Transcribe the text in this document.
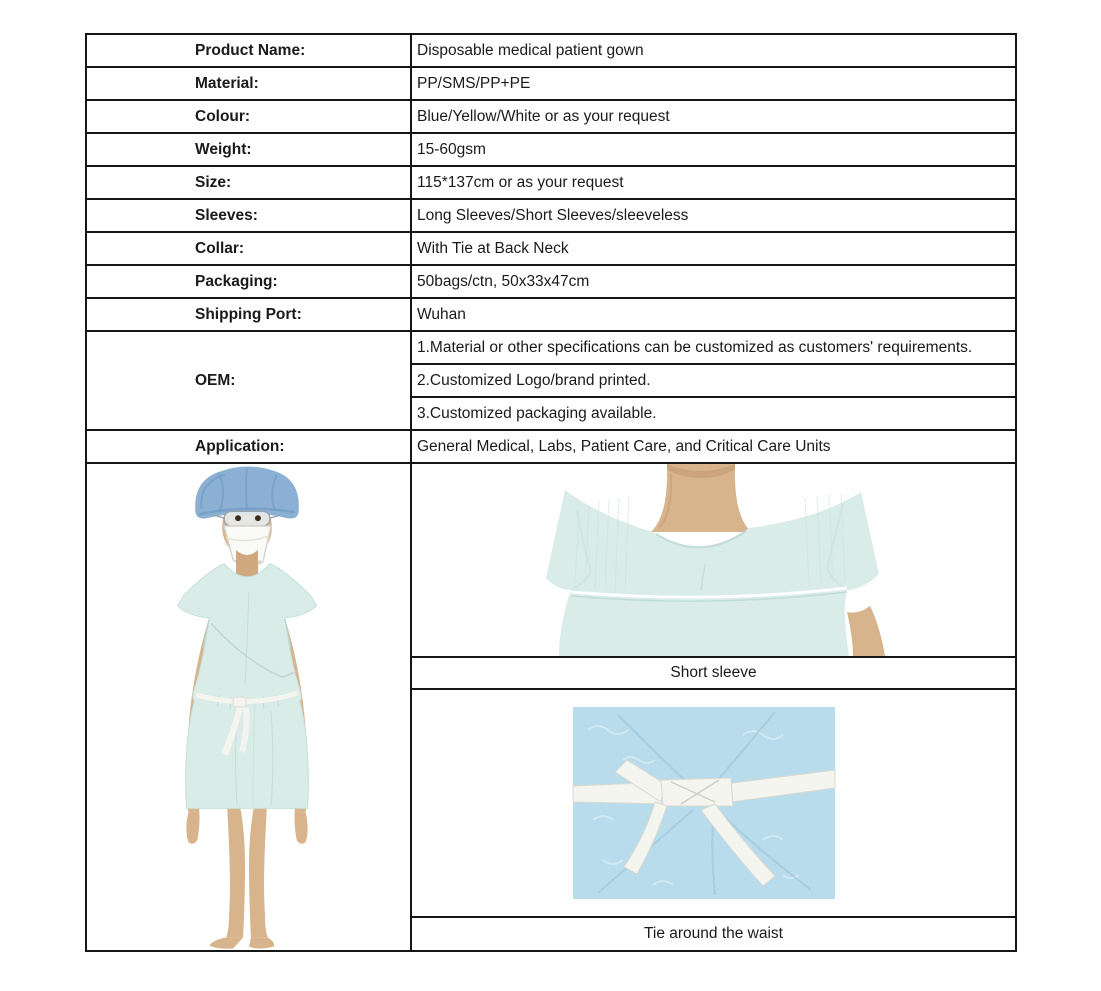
Product Name:	Disposable medical patient gown
Material:	PP/SMS/PP+PE
Colour:	Blue/Yellow/White or as your request
Weight:	15-60gsm
Size:	115*137cm or as your request
Sleeves:	Long Sleeves/Short Sleeves/sleeveless
Collar:	With Tie at Back Neck
Packaging:	50bags/ctn, 50x33x47cm
Shipping Port:	Wuhan
OEM:	1.Material or other specifications can be customized as customers' requirements.
	2.Customized Logo/brand printed.
	3.Customized packaging available.
Application:	General Medical, Labs, Patient Care, and Critical Care Units

	Short sleeve

	Tie around the waist
